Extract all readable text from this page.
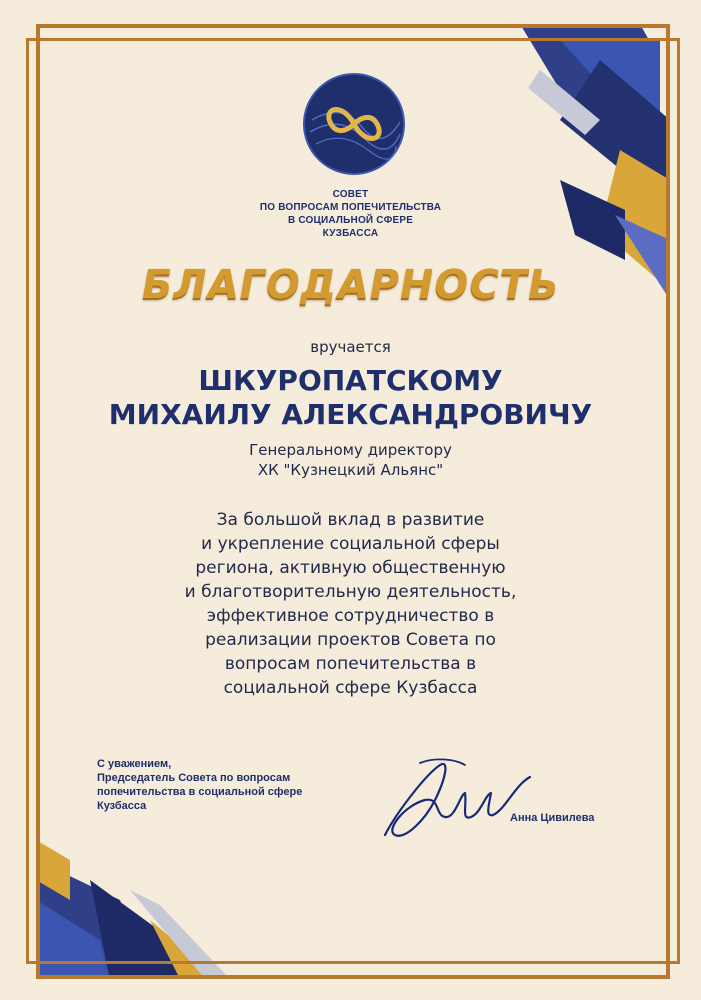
СОВЕТ
ПО ВОПРОСАМ ПОПЕЧИТЕЛЬСТВА
В СОЦИАЛЬНОЙ СФЕРЕ
КУЗБАССА
БЛАГОДАРНОСТЬ
вручается
ШКУРОПАТСКОМУ
МИХАИЛУ АЛЕКСАНДРОВИЧУ
Генеральному директору
ХК "Кузнецкий Альянс"
За большой вклад в развитие
и укрепление социальной сферы
региона, активную общественную
и благотворительную деятельность,
эффективное сотрудничество в
реализации проектов Совета по
вопросам попечительства в
социальной сфере Кузбасса
С уважением,
Председатель Совета по вопросам
попечительства в социальной сфере
Кузбасса
Анна Цивилева
